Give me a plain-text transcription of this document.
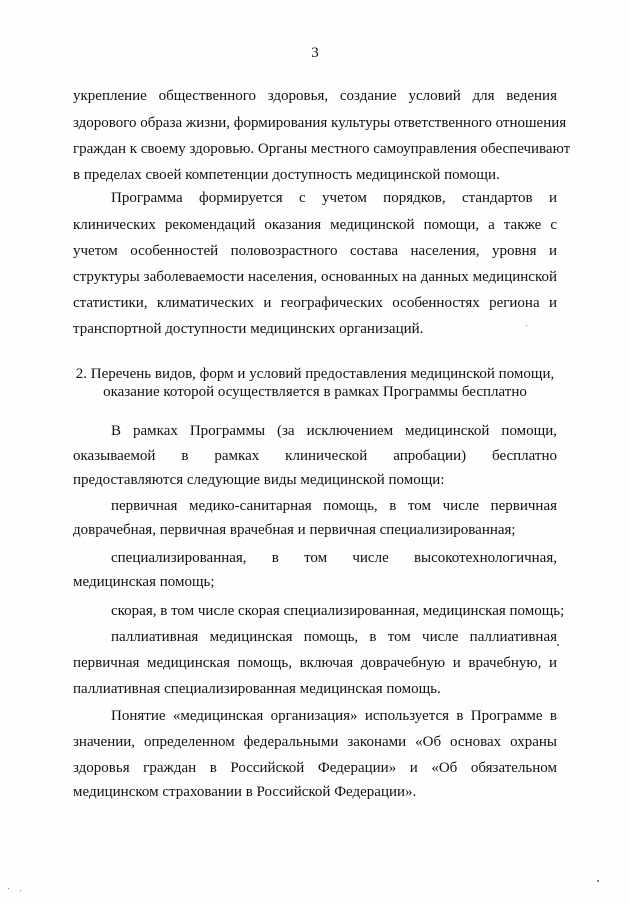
3
укрепление общественного здоровья, создание условий для ведения
здорового образа жизни, формирования культуры ответственного отношения
граждан к своему здоровью. Органы местного самоуправления обеспечивают
в пределах своей компетенции доступность медицинской помощи.
Программа формируется с учетом порядков, стандартов и
клинических рекомендаций оказания медицинской помощи, а также с
учетом особенностей половозрастного состава населения, уровня и
структуры заболеваемости населения, основанных на данных медицинской
статистики, климатических и географических особенностях региона и
транспортной доступности медицинских организаций.
2. Перечень видов, форм и условий предоставления медицинской помощи,
оказание которой осуществляется в рамках Программы бесплатно
В рамках Программы (за исключением медицинской помощи,
оказываемой в рамках клинической апробации) бесплатно
предоставляются следующие виды медицинской помощи:
первичная медико-санитарная помощь, в том числе первичная
доврачебная, первичная врачебная и первичная специализированная;
специализированная, в том числе высокотехнологичная,
медицинская помощь;
скорая, в том числе скорая специализированная, медицинская помощь;
паллиативная медицинская помощь, в том числе паллиативная
первичная медицинская помощь, включая доврачебную и врачебную, и
паллиативная специализированная медицинская помощь.
Понятие «медицинская организация» используется в Программе в
значении, определенном федеральными законами «Об основах охраны
здоровья граждан в Российской Федерации» и «Об обязательном
медицинском страховании в Российской Федерации».
